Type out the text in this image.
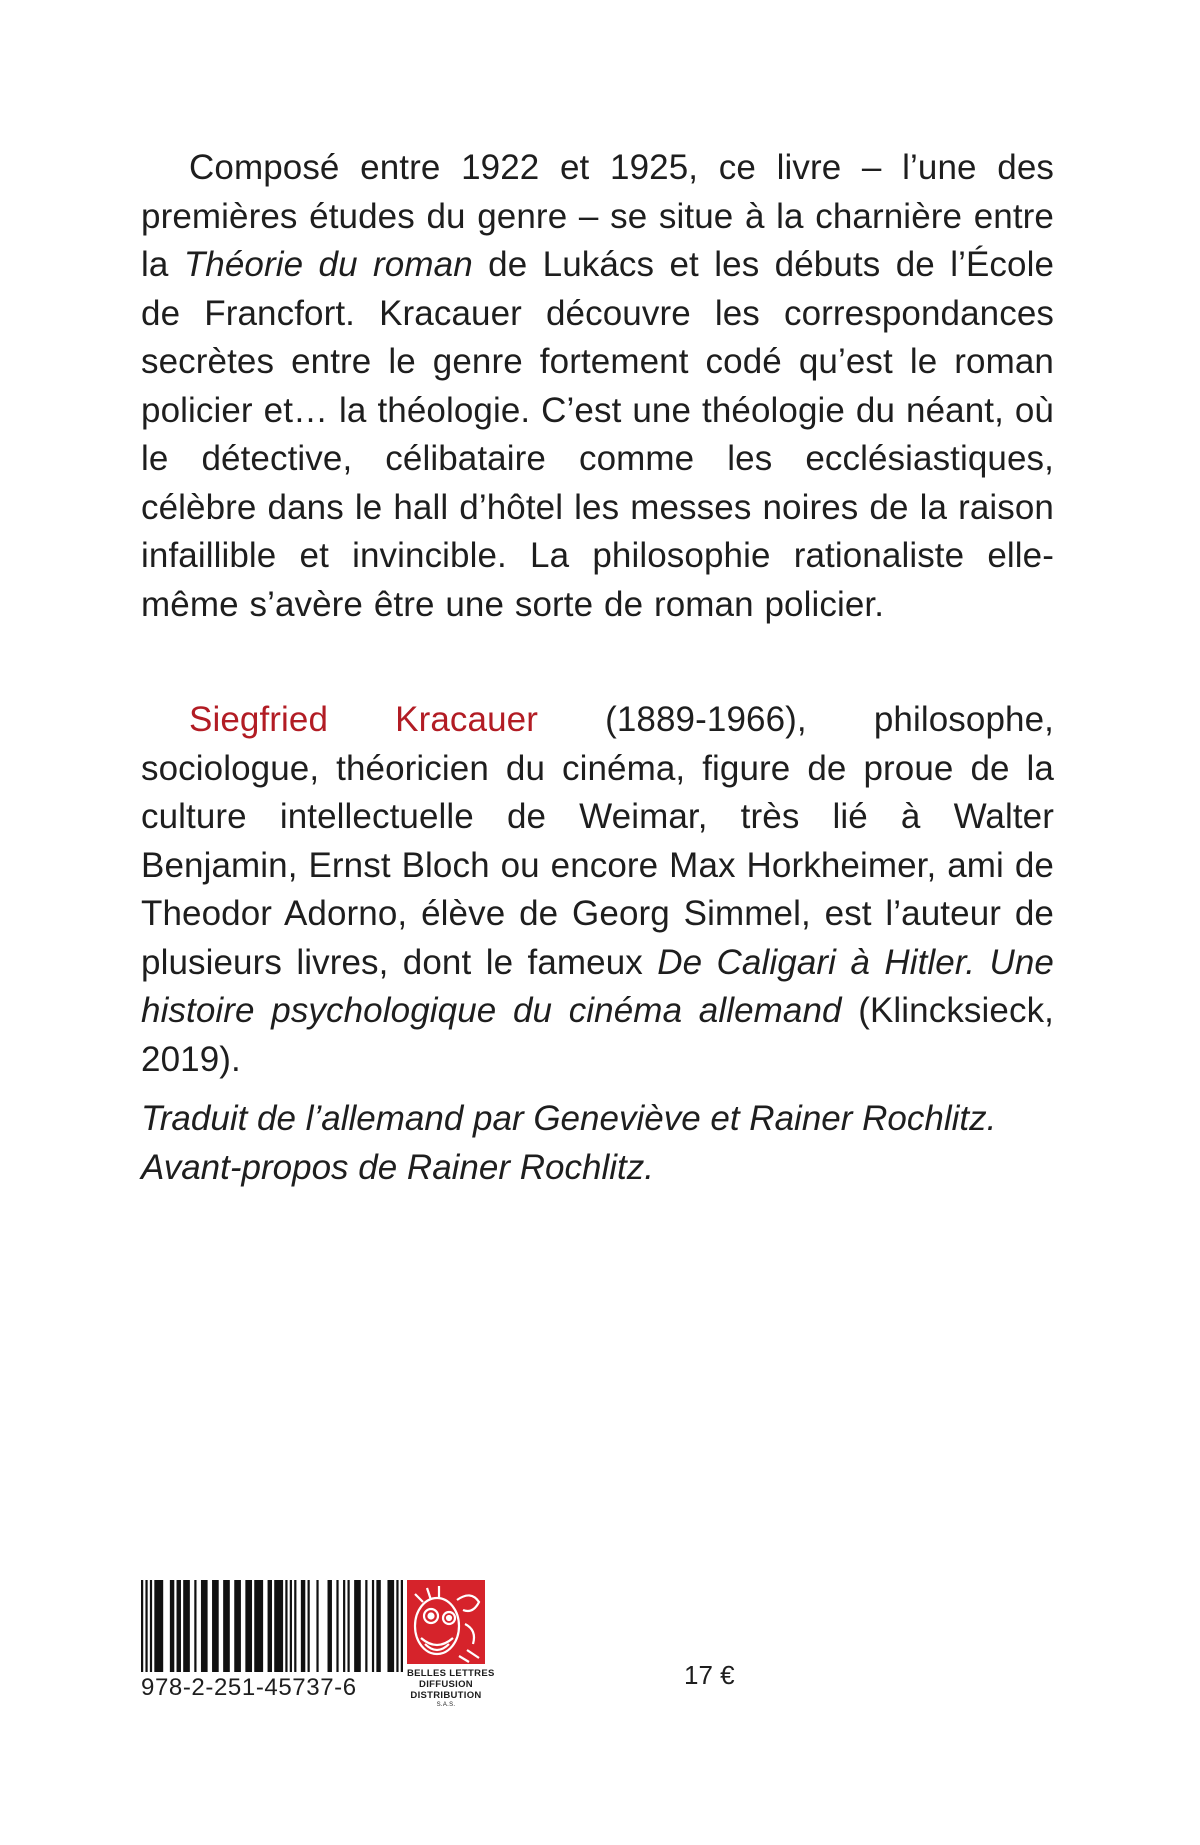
Composé entre 1922 et 1925, ce livre – l’une des premières études du genre – se situe à la charnière entre la Théorie du roman de Lukács et les débuts de l’École de Francfort. Kracauer découvre les correspondances secrètes entre le genre fortement codé qu’est le roman policier et… la théologie. C’est une théologie du néant, où le détective, célibataire comme les ecclésiastiques, célèbre dans le hall d’hôtel les messes noires de la raison infaillible et invincible. La philosophie rationaliste elle-même s’avère être une sorte de roman policier.

Siegfried Kracauer (1889-1966), philosophe, sociologue, théoricien du cinéma, figure de proue de la culture intellectuelle de Weimar, très lié à Walter Benjamin, Ernst Bloch ou encore Max Horkheimer, ami de Theodor Adorno, élève de Georg Simmel, est l’auteur de plusieurs livres, dont le fameux De Caligari à Hitler. Une histoire psychologique du cinéma allemand (Klincksieck, 2019).

Traduit de l’allemand par Geneviève et Rainer Rochlitz.
Avant-propos de Rainer Rochlitz.
978-2-251-45737-6
BELLES LETTRES
DIFFUSION
DISTRIBUTION
S.A.S.
17 €
